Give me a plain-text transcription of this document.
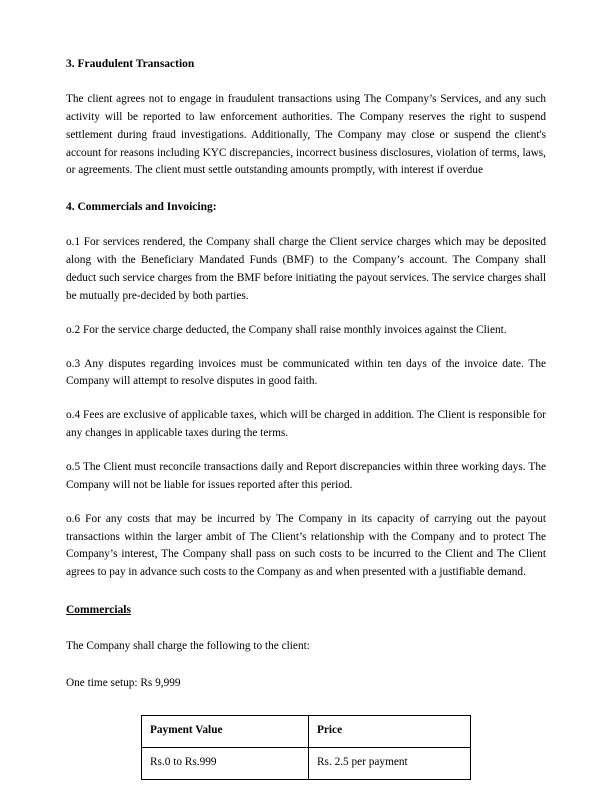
3. Fraudulent Transaction

The client agrees not to engage in fraudulent transactions using The Company’s Services, and any such activity will be reported to law enforcement authorities. The Company reserves the right to suspend settlement during fraud investigations. Additionally, The Company may close or suspend the client's account for reasons including KYC discrepancies, incorrect business disclosures, violation of terms, laws, or agreements. The client must settle outstanding amounts promptly, with interest if overdue

4. Commercials and Invoicing:

o.1 For services rendered, the Company shall charge the Client service charges which may be deposited along with the Beneficiary Mandated Funds (BMF) to the Company’s account. The Company shall deduct such service charges from the BMF before initiating the payout services. The service charges shall be mutually pre-decided by both parties.

o.2 For the service charge deducted, the Company shall raise monthly invoices against the Client.

o.3 Any disputes regarding invoices must be communicated within ten days of the invoice date. The Company will attempt to resolve disputes in good faith.

o.4 Fees are exclusive of applicable taxes, which will be charged in addition. The Client is responsible for any changes in applicable taxes during the terms.

o.5 The Client must reconcile transactions daily and Report discrepancies within three working days. The Company will not be liable for issues reported after this period.

o.6 For any costs that may be incurred by The Company in its capacity of carrying out the payout transactions within the larger ambit of The Client’s relationship with the Company and to protect The Company’s interest, The Company shall pass on such costs to be incurred to the Client and The Client agrees to pay in advance such costs to the Company as and when presented with a justifiable demand.

Commercials

The Company shall charge the following to the client:

One time setup: Rs 9,999

Payment Value	Price
Rs.0 to Rs.999	Rs. 2.5 per payment
